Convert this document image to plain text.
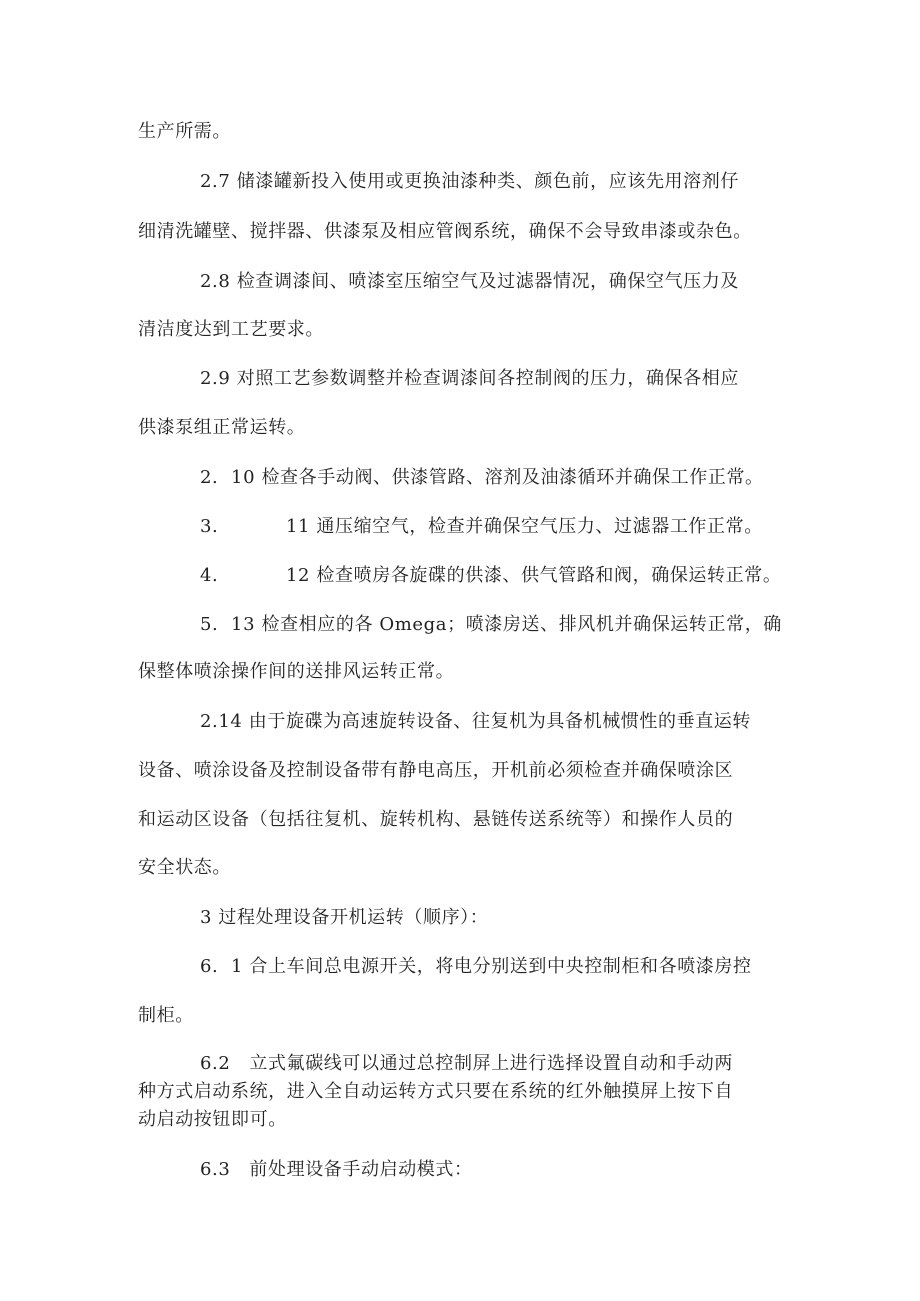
生产所需。
2.7 储漆罐新投入使用或更换油漆种类、颜色前，应该先用溶剂仔
细清洗罐壁、搅拌器、供漆泵及相应管阀系统，确保不会导致串漆或杂色。
2.8 检查调漆间、喷漆室压缩空气及过滤器情况，确保空气压力及
清洁度达到工艺要求。
2.9 对照工艺参数调整并检查调漆间各控制阀的压力，确保各相应
供漆泵组正常运转。
2.  10 检查各手动阀、供漆管路、溶剂及油漆循环并确保工作正常。
3.	11 通压缩空气，检查并确保空气压力、过滤器工作正常。
4.	12 检查喷房各旋碟的供漆、供气管路和阀，确保运转正常。
5.  13 检查相应的各 Omega；喷漆房送、排风机并确保运转正常，确
保整体喷涂操作间的送排风运转正常。
2.14 由于旋碟为高速旋转设备、往复机为具备机械惯性的垂直运转
设备、喷涂设备及控制设备带有静电高压，开机前必须检查并确保喷涂区
和运动区设备（包括往复机、旋转机构、悬链传送系统等）和操作人员的
安全状态。
3 过程处理设备开机运转（顺序）：
6.  1 合上车间总电源开关，将电分别送到中央控制柜和各喷漆房控
制柜。
6.2   立式氟碳线可以通过总控制屏上进行选择设置自动和手动两
种方式启动系统，进入全自动运转方式只要在系统的红外触摸屏上按下自
动启动按钮即可。
6.3   前处理设备手动启动模式：
